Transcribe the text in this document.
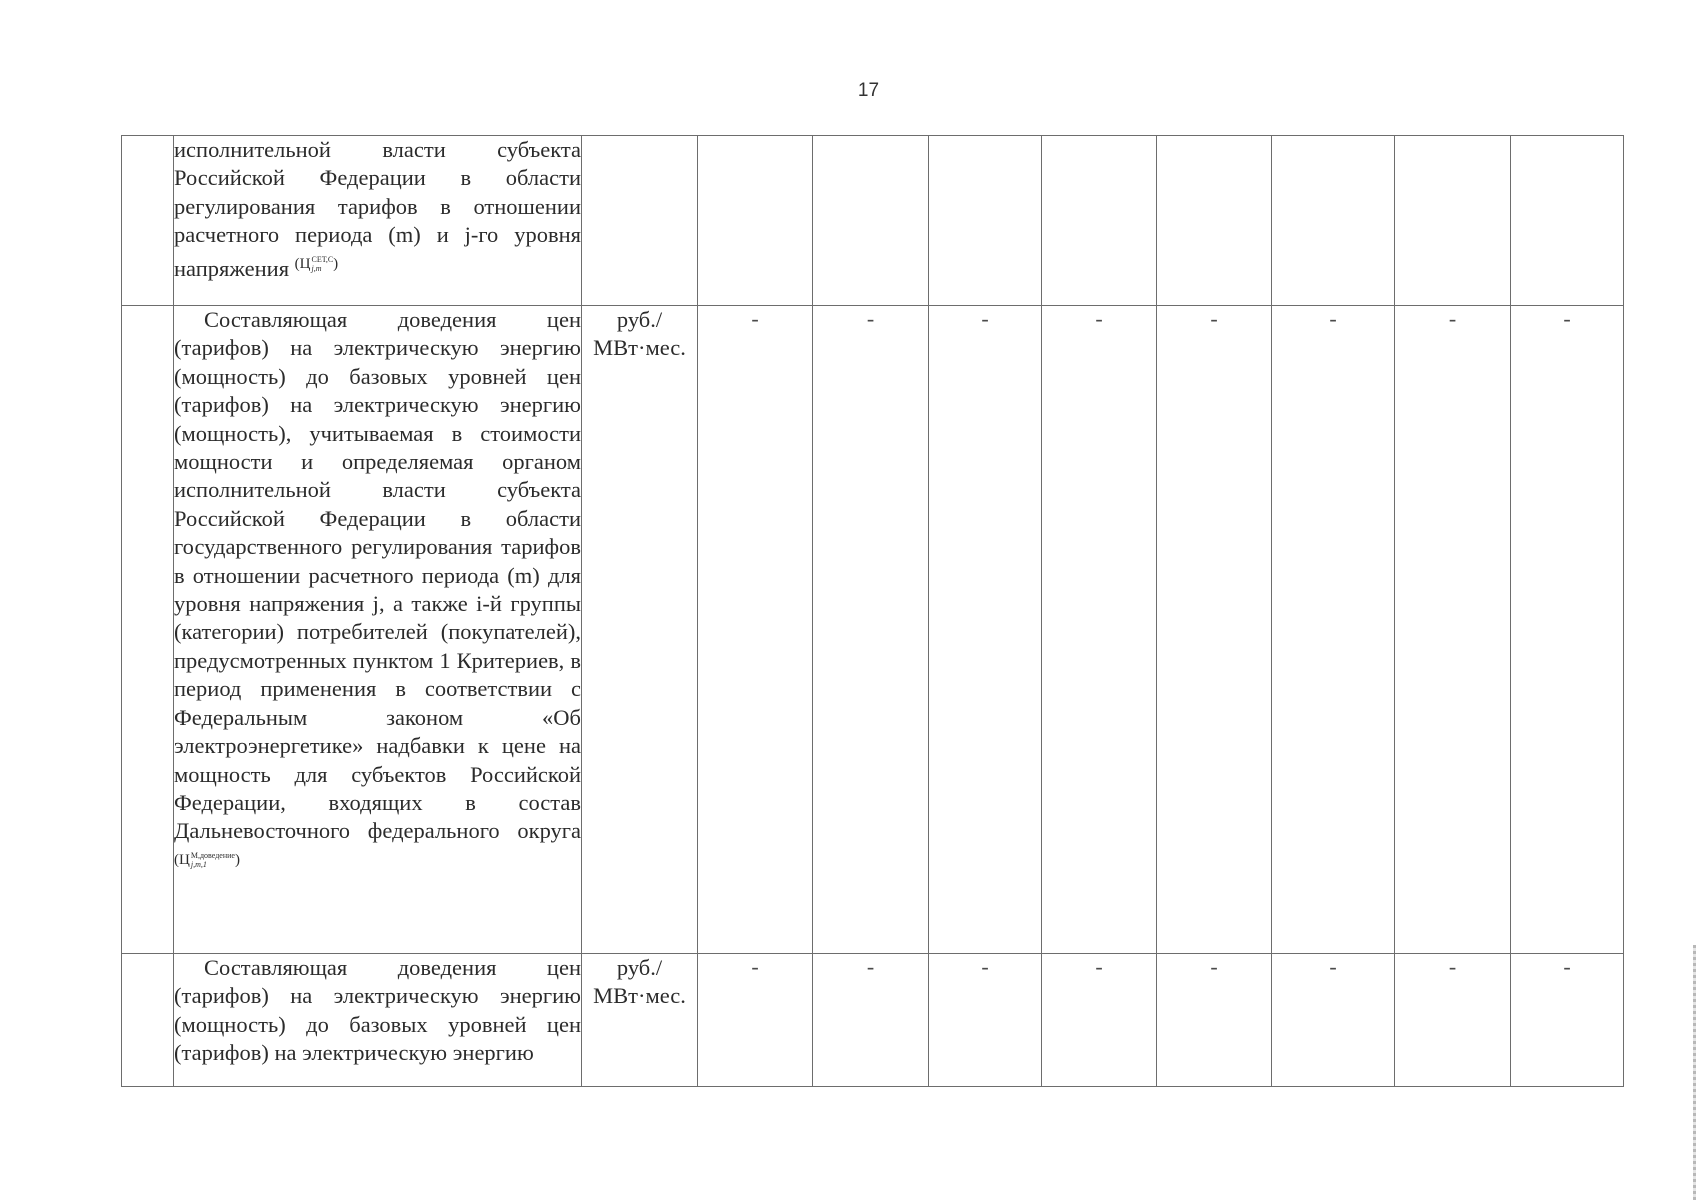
17
	исполнительной власти субъекта Российской Федерации в области регулирования тарифов в отношении расчетного периода (m) и j-го уровня напряжения $^{(Ц СЕТ,С j,m )}$									
	Составляющая доведения цен (тарифов) на электрическую энергию (мощность) до базовых уровней цен (тарифов) на электрическую энергию (мощность), учитываемая в стоимости мощности и определяемая органом исполнительной власти субъекта Российской Федерации в области государственного регулирования тарифов в отношении расчетного периода (m) для уровня напряжения j, а также i-й группы (категории) потребителей (покупателей), предусмотренных пунктом 1 Критериев, в период применения в соответствии с Федеральным законом «Об электроэнергетике» надбавки к цене на мощность для субъектов Российской Федерации, входящих в состав Дальневосточного федерального округа $^{(Ц М,доведение j,m,1 )}$	руб./
МВт·мес.	-	-	-	-	-	-	-	-
	Составляющая доведения цен (тарифов) на электрическую энергию (мощность) до базовых уровней цен (тарифов) на электрическую энергию	руб./
МВт·мес.	-	-	-	-	-	-	-	-
